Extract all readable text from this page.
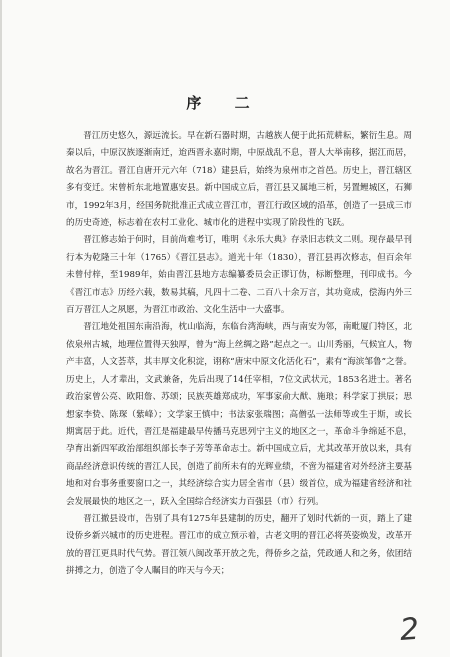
序 二

晋江历史悠久，源远流长。早在新石器时期，古越族人便于此拓荒耕耘，繁衍生息。周秦以后，中原汉族逐渐南迁，迨西晋永嘉时期，中原战乱不息，晋人大举南移，据江而居，故名为晋江。晋江自唐开元六年（718）建县后，始终为泉州市之首邑。历史上，晋江辖区多有变迁。宋曾析东北地置惠安县。新中国成立后，晋江县又属地三析，另置鲤城区，石狮市，1992年3月，经国务院批准正式成立晋江市，晋江行政区域的沿革，创造了一县成三市的历史奇迹，标志着在农村工业化、城市化的进程中实现了阶段性的飞跃。

晋江修志始于何时，目前尚难考订，唯明《永乐大典》存录旧志轶文二则。现存最早刊行本为乾隆三十年（1765）《晋江县志》。道光十年（1830），晋江县再次修志，但百余年未曾付梓，至1989年，始由晋江县地方志编纂委员会正谬订伪，标断整理，刊印成书。今《晋江市志》历经六载，数易其稿，凡四十二卷、二百八十余万言，其功竟成，偿海内外三百万晋江人之夙愿，为晋江市政治、文化生活中一大盛事。

晋江地处祖国东南沿海，枕山临海，东临台湾海峡，西与南安为邻，南毗厦门特区，北依泉州古城，地理位置得天独厚，曾为“海上丝绸之路”起点之一。山川秀丽，气候宜人，物产丰富，人文荟萃，其丰厚文化积淀，诩称“唐宋中原文化活化石”，素有“海滨邹鲁”之誉。历史上，人才辈出，文武兼备，先后出现了14任宰相，7位文武状元，1853名进士。著名政治家曾公亮、欧阳詹、苏颂；民族英雄郑成功，军事家俞大猷、施琅；科学家丁拱辰；思想家李贽、陈琛（紫峰）；文学家王慎中；书法家张瑞图；高僧弘一法师等或生于斯，或长期寓居于此。近代，晋江是福建最早传播马克思列宁主义的地区之一，革命斗争绵延不息，孕育出新四军政治部组织部长李子芳等革命志士。新中国成立后，尤其改革开放以来，具有商品经济意识传统的晋江人民，创造了前所未有的光辉业绩，不啻为福建省对外经济主要基地和对台事务重要窗口之一，其经济综合实力居全省市（县）级首位，成为福建省经济和社会发展最快的地区之一，跃入全国综合经济实力百强县（市）行列。

晋江撤县设市，告别了具有1275年县建制的历史，翻开了划时代新的一页，踏上了建设侨乡新兴城市的历史进程。晋江市的成立预示着，古老文明的晋江必将英姿焕发，改革开放的晋江更具时代气势。晋江领八闽改革开放之先，得侨乡之益，凭政通人和之务，依团结拼搏之力，创造了令人瞩目的昨天与今天；

2
